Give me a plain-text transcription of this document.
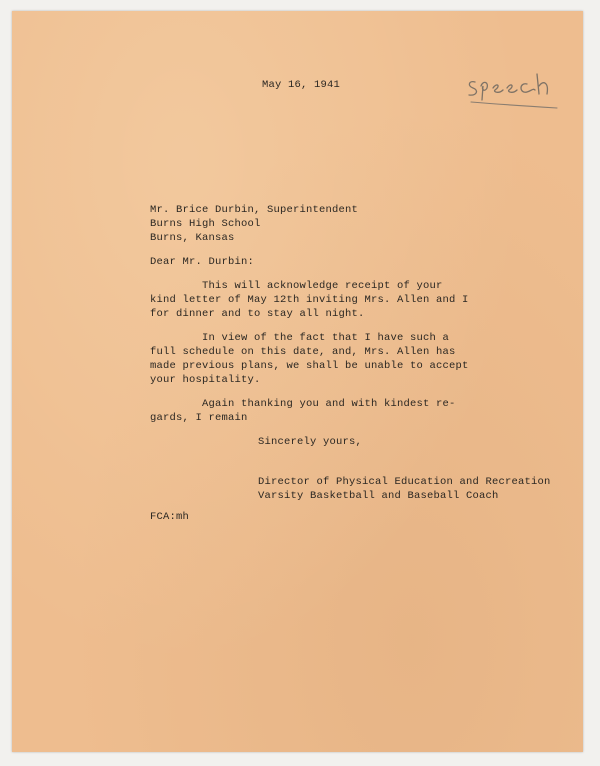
May 16, 1941

Mr. Brice Durbin, Superintendent

Burns High School

Burns, Kansas

Dear Mr. Durbin:

This will acknowledge receipt of your

kind letter of May 12th inviting Mrs. Allen and I

for dinner and to stay all night.

In view of the fact that I have such a

full schedule on this date, and, Mrs. Allen has

made previous plans, we shall be unable to accept

your hospitality.

Again thanking you and with kindest re-

gards, I remain

Sincerely yours,

Director of Physical Education and Recreation

Varsity Basketball and Baseball Coach

FCA:mh
